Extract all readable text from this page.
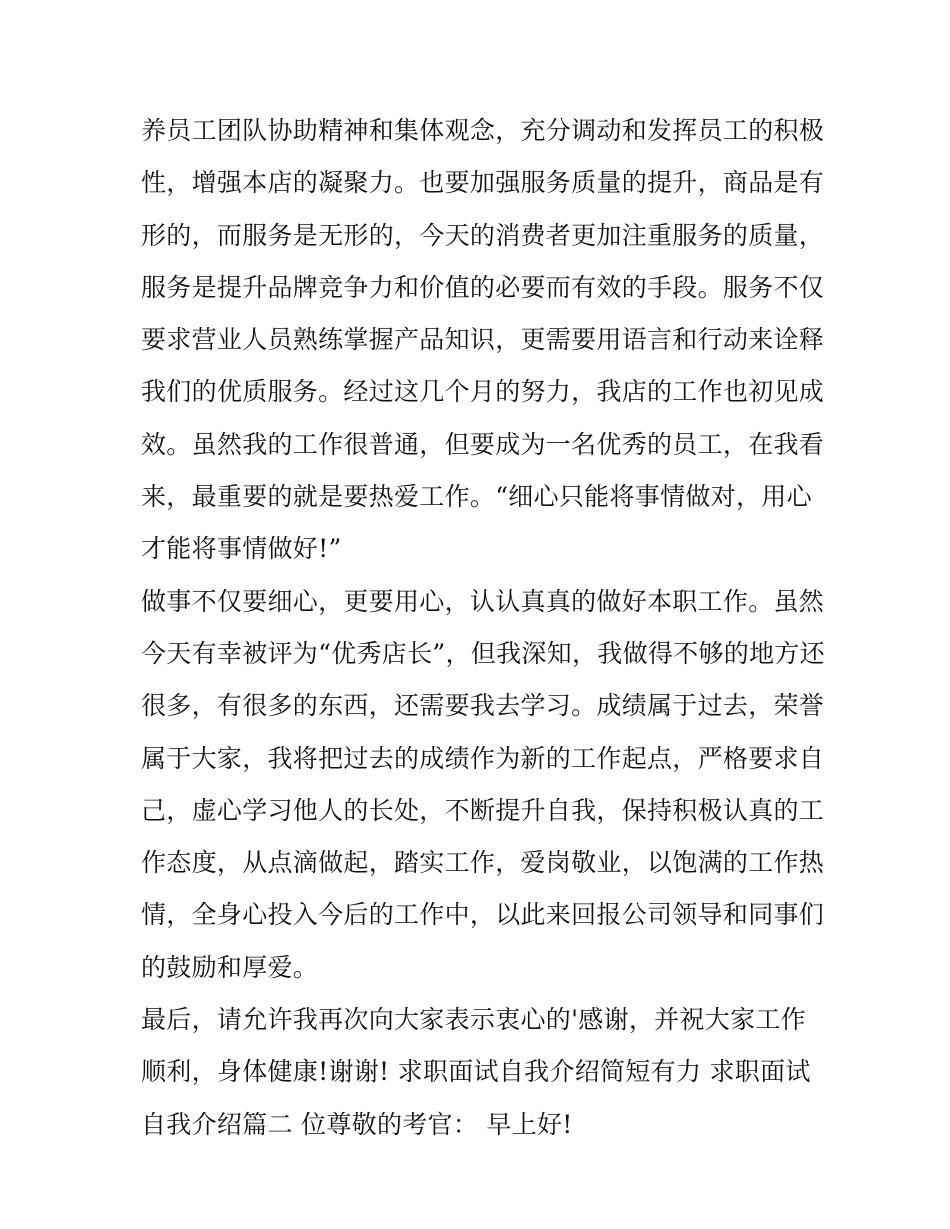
养员工团队协助精神和集体观念，充分调动和发挥员工的积极
性，增强本店的凝聚力。也要加强服务质量的提升，商品是有
形的，而服务是无形的，今天的消费者更加注重服务的质量，
服务是提升品牌竞争力和价值的必要而有效的手段。服务不仅
要求营业人员熟练掌握产品知识，更需要用语言和行动来诠释
我们的优质服务。经过这几个月的努力，我店的工作也初见成
效。虽然我的工作很普通，但要成为一名优秀的员工，在我看
来，最重要的就是要热爱工作。“细心只能将事情做对，用心
才能将事情做好!”
做事不仅要细心，更要用心，认认真真的做好本职工作。虽然
今天有幸被评为“优秀店长”，但我深知，我做得不够的地方还
很多，有很多的东西，还需要我去学习。成绩属于过去，荣誉
属于大家，我将把过去的成绩作为新的工作起点，严格要求自
己，虚心学习他人的长处，不断提升自我，保持积极认真的工
作态度，从点滴做起，踏实工作，爱岗敬业，以饱满的工作热
情，全身心投入今后的工作中，以此来回报公司领导和同事们
的鼓励和厚爱。
最后，请允许我再次向大家表示衷心的'感谢，并祝大家工作
顺利，身体健康!谢谢! 求职面试自我介绍简短有力 求职面试
自我介绍篇二 位尊敬的考官： 早上好!
